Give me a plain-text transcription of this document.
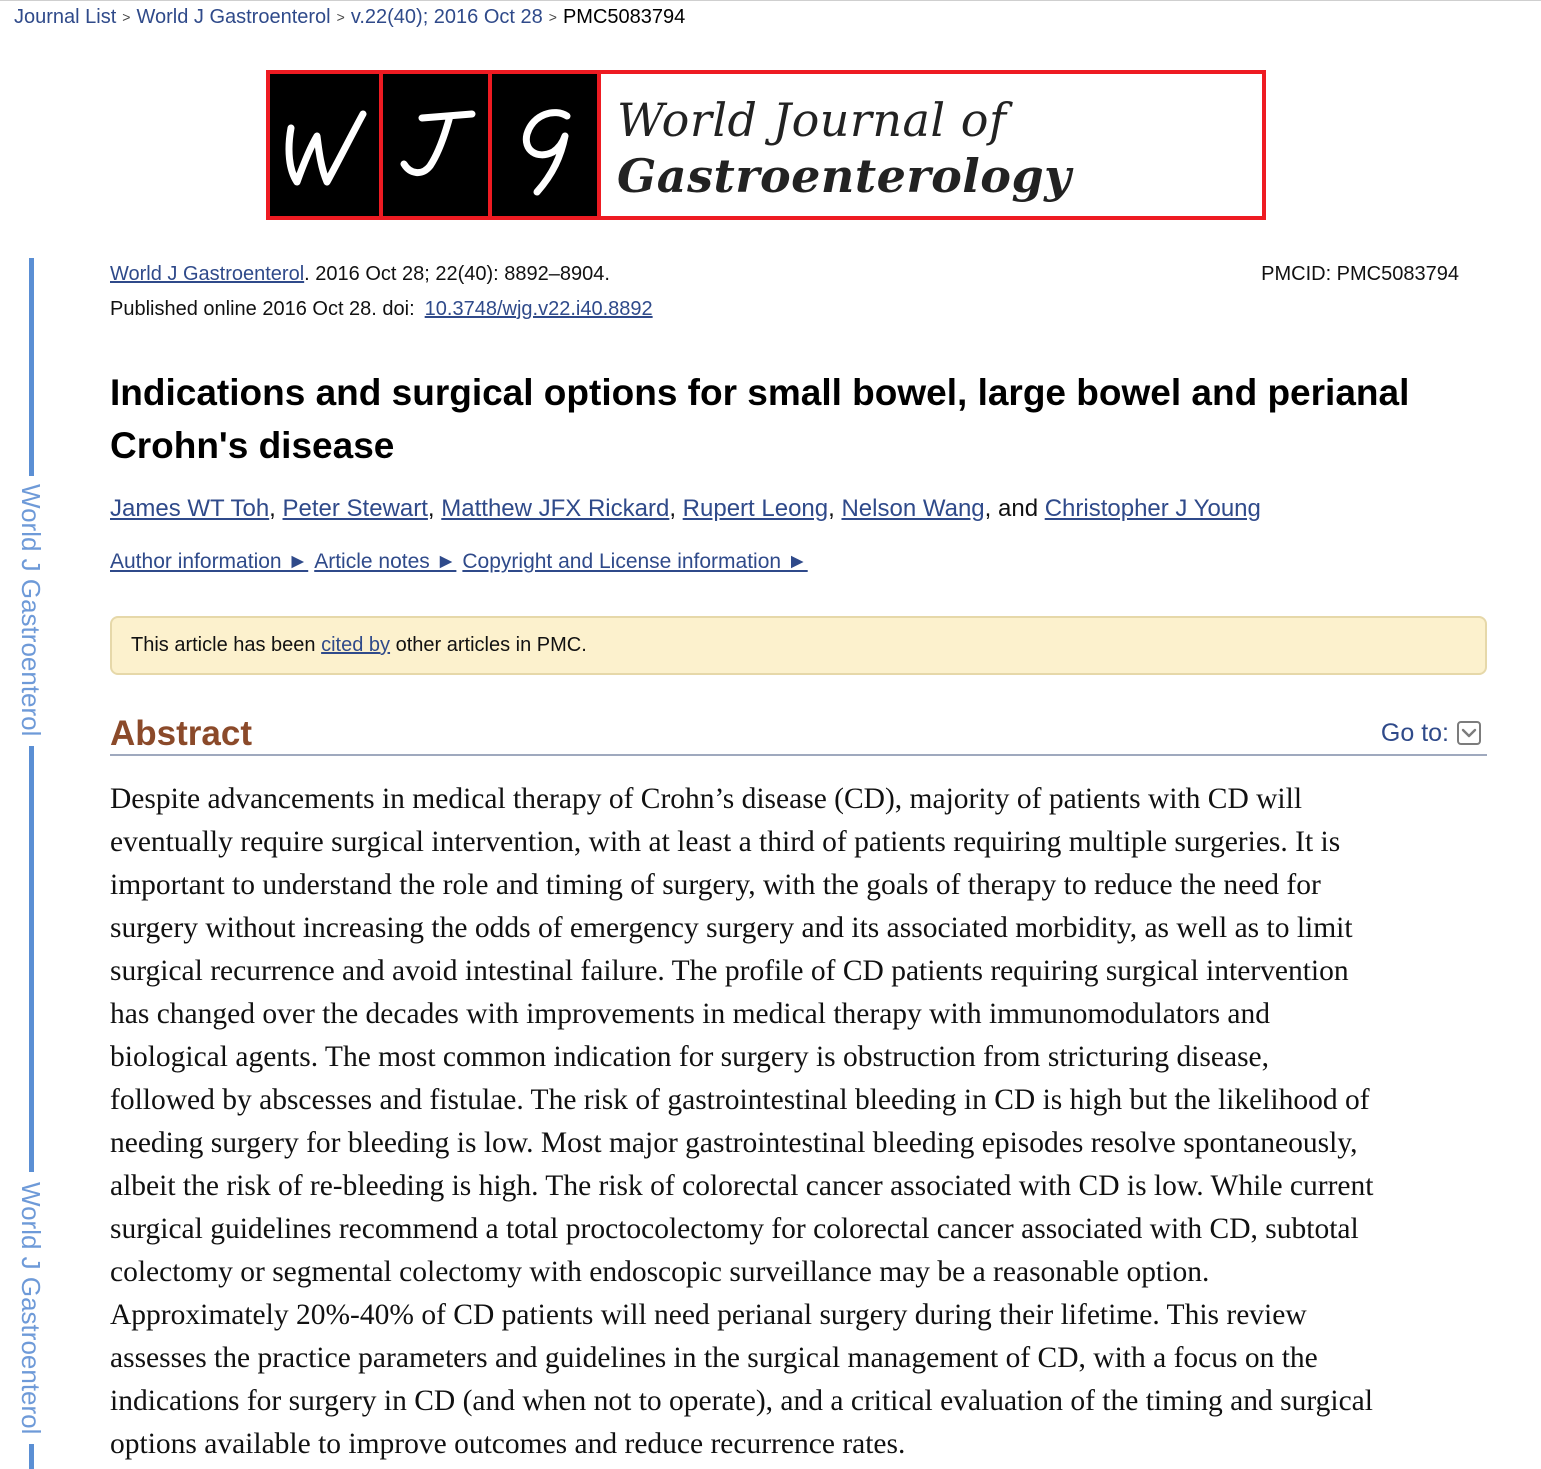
Journal List > World J Gastroenterol > v.22(40); 2016 Oct 28 > PMC5083794
W	J
World Journal of
Gastroenterology
World J Gastroenterol
World J Gastroenterol
World J Gastroenterol. 2016 Oct 28; 22(40): 8892–8904.
Published online 2016 Oct 28. doi: 10.3748/wjg.v22.i40.8892
PMCID: PMC5083794
Indications and surgical options for small bowel, large bowel and perianal Crohn's disease
James WT Toh, Peter Stewart, Matthew JFX Rickard, Rupert Leong, Nelson Wang, and Christopher J Young
Author information ► Article notes ► Copyright and License information ►
This article has been cited by other articles in PMC.
Abstract	Go to:
Despite advancements in medical therapy of Crohn’s disease (CD), majority of patients with CD will
eventually require surgical intervention, with at least a third of patients requiring multiple surgeries. It is
important to understand the role and timing of surgery, with the goals of therapy to reduce the need for
surgery without increasing the odds of emergency surgery and its associated morbidity, as well as to limit
surgical recurrence and avoid intestinal failure. The profile of CD patients requiring surgical intervention
has changed over the decades with improvements in medical therapy with immunomodulators and
biological agents. The most common indication for surgery is obstruction from stricturing disease,
followed by abscesses and fistulae. The risk of gastrointestinal bleeding in CD is high but the likelihood of
needing surgery for bleeding is low. Most major gastrointestinal bleeding episodes resolve spontaneously,
albeit the risk of re-bleeding is high. The risk of colorectal cancer associated with CD is low. While current
surgical guidelines recommend a total proctocolectomy for colorectal cancer associated with CD, subtotal
colectomy or segmental colectomy with endoscopic surveillance may be a reasonable option.
Approximately 20%-40% of CD patients will need perianal surgery during their lifetime. This review
assesses the practice parameters and guidelines in the surgical management of CD, with a focus on the
indications for surgery in CD (and when not to operate), and a critical evaluation of the timing and surgical
options available to improve outcomes and reduce recurrence rates.
